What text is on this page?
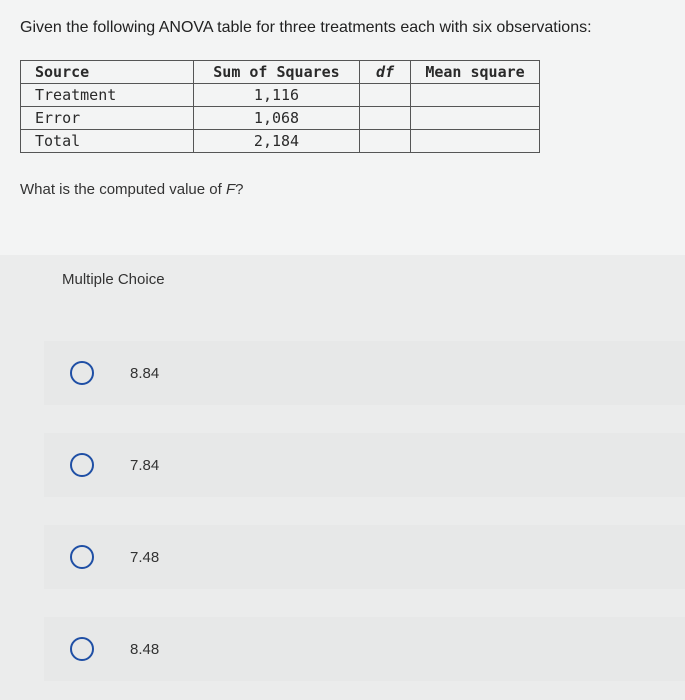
Given the following ANOVA table for three treatments each with six observations:
Source	Sum of Squares	df	Mean square
Treatment	1,116		
Error	1,068		
Total	2,184		
What is the computed value of F?
Multiple Choice
8.84
7.84
7.48
8.48
